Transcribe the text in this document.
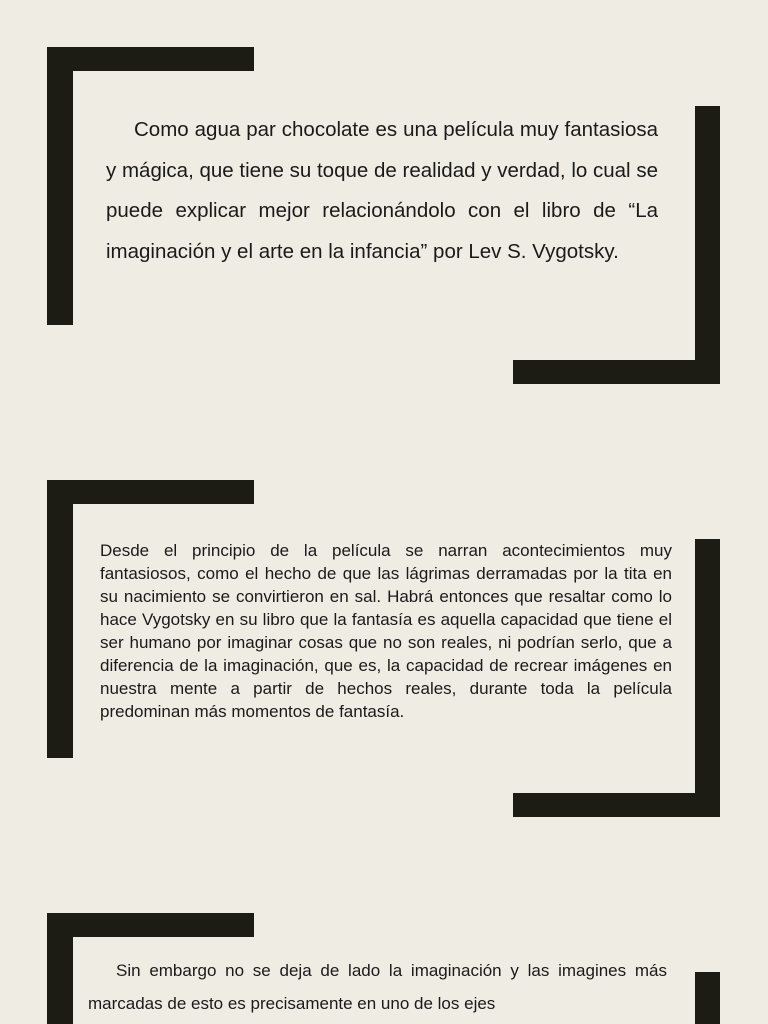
Como agua par chocolate es una película muy fantasiosa y mágica, que tiene su toque de realidad y verdad, lo cual se puede explicar mejor relacionándolo con el libro de “La imaginación y el arte en la infancia” por Lev S. Vygotsky.

Desde el principio de la película se narran acontecimientos muy fantasiosos, como el hecho de que las lágrimas derramadas por la tita en su nacimiento se convirtieron en sal. Habrá entonces que resaltar como lo hace Vygotsky en su libro que la fantasía es aquella capacidad que tiene el ser humano por imaginar cosas que no son reales, ni podrían serlo, que a diferencia de la imaginación, que es, la capacidad de recrear imágenes en nuestra mente a partir de hechos reales, durante toda la película predominan más momentos de fantasía.

Sin embargo no se deja de lado la imaginación y las imagines más marcadas de esto es precisamente en uno de los ejes
